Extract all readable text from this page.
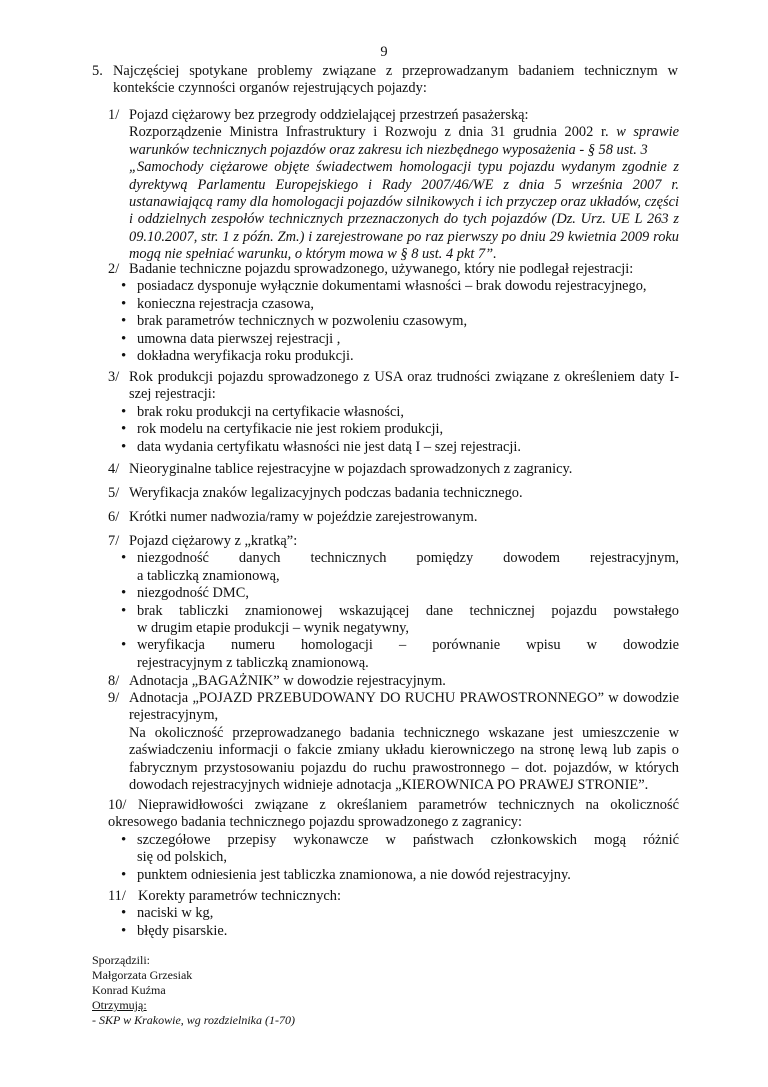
9
5. Najczęściej spotykane problemy związane z przeprowadzanym badaniem technicznym w kontekście czynności organów rejestrujących pojazdy:
1/ Pojazd ciężarowy bez przegrody oddzielającej przestrzeń pasażerską:
Rozporządzenie Ministra Infrastruktury i Rozwoju z dnia 31 grudnia 2002 r. w sprawie warunków technicznych pojazdów oraz zakresu ich niezbędnego wyposażenia - § 58 ust. 3
„Samochody ciężarowe objęte świadectwem homologacji typu pojazdu wydanym zgodnie z dyrektywą Parlamentu Europejskiego i Rady 2007/46/WE z dnia 5 września 2007 r. ustanawiającą ramy dla homologacji pojazdów silnikowych i ich przyczep oraz układów, części i oddzielnych zespołów technicznych przeznaczonych do tych pojazdów (Dz. Urz. UE L 263 z 09.10.2007, str. 1 z późn. Zm.) i zarejestrowane po raz pierwszy po dniu 29 kwietnia 2009 roku mogą nie spełniać warunku, o którym mowa w § 8 ust. 4 pkt 7”.
2/ Badanie techniczne pojazdu sprowadzonego, używanego, który nie podlegał rejestracji:
• posiadacz dysponuje wyłącznie dokumentami własności – brak dowodu rejestracyjnego,
• konieczna rejestracja czasowa,
• brak parametrów technicznych w pozwoleniu czasowym,
• umowna data pierwszej rejestracji ,
• dokładna weryfikacja roku produkcji.
3/ Rok produkcji pojazdu sprowadzonego z USA oraz trudności związane z określeniem daty I-szej rejestracji:
• brak roku produkcji na certyfikacie własności,
• rok modelu na certyfikacie nie jest rokiem produkcji,
• data wydania certyfikatu własności nie jest datą I – szej rejestracji.
4/ Nieoryginalne tablice rejestracyjne w pojazdach sprowadzonych z zagranicy.
5/ Weryfikacja znaków legalizacyjnych podczas badania technicznego.
6/ Krótki numer nadwozia/ramy w pojeździe zarejestrowanym.
7/ Pojazd ciężarowy z „kratką”:
• niezgodność danych technicznych pomiędzy dowodem rejestracyjnym,
a tabliczką znamionową,
• niezgodność DMC,
• brak tabliczki znamionowej wskazującej dane technicznej pojazdu powstałego
w drugim etapie produkcji – wynik negatywny,
• weryfikacja numeru homologacji – porównanie wpisu w dowodzie
rejestracyjnym z tabliczką znamionową.
8/ Adnotacja „BAGAŻNIK” w dowodzie rejestracyjnym.
9/ Adnotacja „POJAZD PRZEBUDOWANY DO RUCHU PRAWOSTRONNEGO” w dowodzie rejestracyjnym,
Na okoliczność przeprowadzanego badania technicznego wskazane jest umieszczenie w zaświadczeniu informacji o fakcie zmiany układu kierowniczego na stronę lewą lub zapis o fabrycznym przystosowaniu pojazdu do ruchu prawostronnego – dot. pojazdów, w których dowodach rejestracyjnych widnieje adnotacja „KIEROWNICA PO PRAWEJ STRONIE”.
10/ Nieprawidłowości związane z określaniem parametrów technicznych na okoliczność okresowego badania technicznego pojazdu sprowadzonego z zagranicy:
• szczegółowe przepisy wykonawcze w państwach członkowskich mogą różnić
się od polskich,
• punktem odniesienia jest tabliczka znamionowa, a nie dowód rejestracyjny.
11/ Korekty parametrów technicznych:
• naciski w kg,
• błędy pisarskie.
Sporządzili:
Małgorzata Grzesiak
Konrad Kuźma
Otrzymują:
- SKP w Krakowie, wg rozdzielnika (1-70)
